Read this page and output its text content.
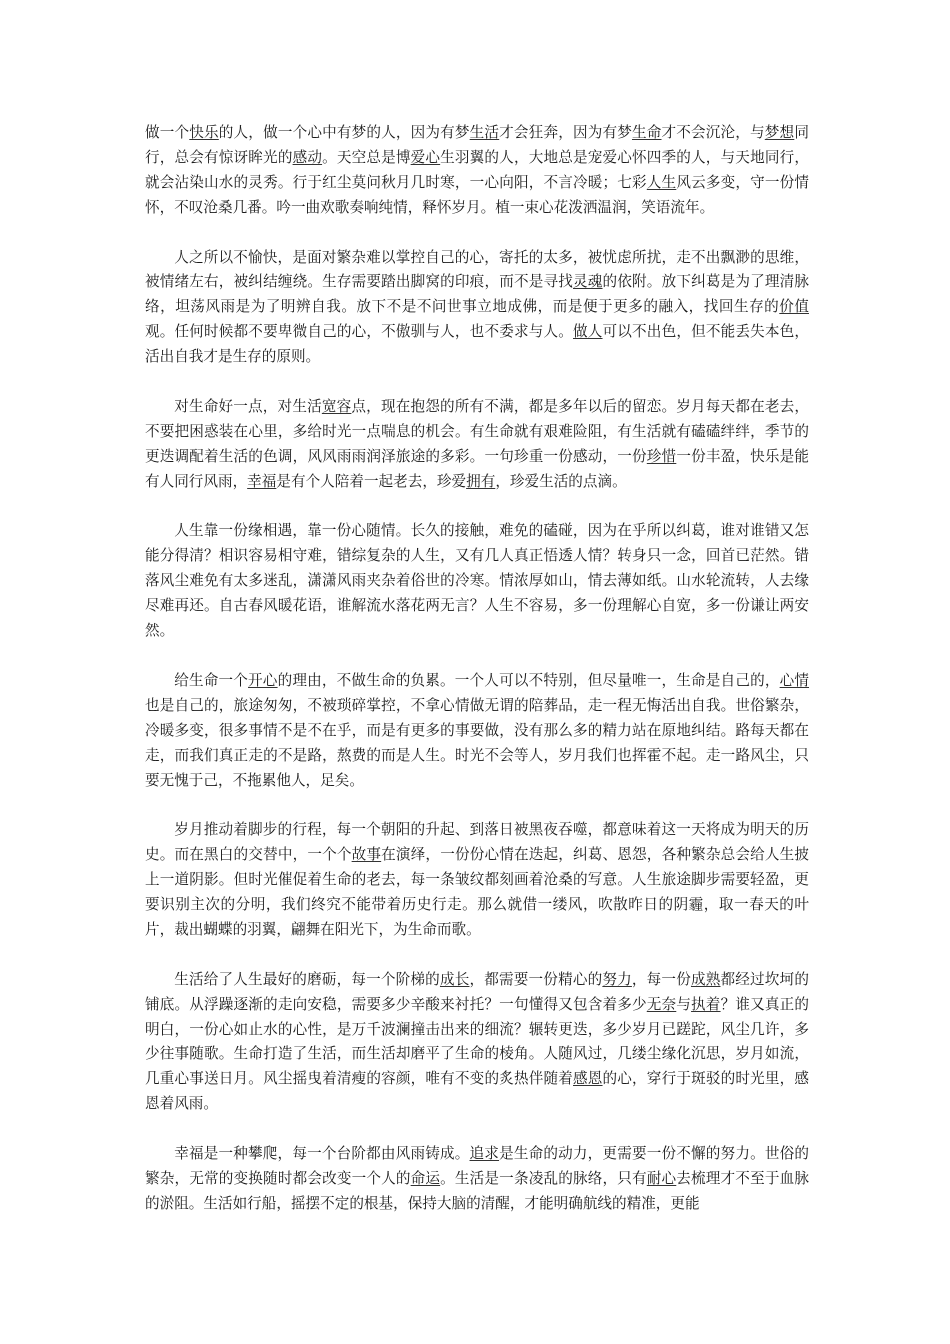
做一个快乐的人，做一个心中有梦的人，因为有梦生活才会狂奔，因为有梦生命才不会沉沦，与梦想同行，总会有惊讶眸光的感动。天空总是博爱心生羽翼的人，大地总是宠爱心怀四季的人，与天地同行，就会沾染山水的灵秀。行于红尘莫问秋月几时寒，一心向阳，不言冷暖；七彩人生风云多变，守一份情怀，不叹沧桑几番。吟一曲欢歌奏响纯情，释怀岁月。植一束心花泼洒温润，笑语流年。

人之所以不愉快，是面对繁杂难以掌控自己的心，寄托的太多，被忧虑所扰，走不出飘渺的思维，被情绪左右，被纠结缠绕。生存需要踏出脚窝的印痕，而不是寻找灵魂的依附。放下纠葛是为了理清脉络，坦荡风雨是为了明辨自我。放下不是不问世事立地成佛，而是便于更多的融入，找回生存的价值观。任何时候都不要卑微自己的心，不傲驯与人，也不委求与人。做人可以不出色，但不能丢失本色，活出自我才是生存的原则。

对生命好一点，对生活宽容点，现在抱怨的所有不满，都是多年以后的留恋。岁月每天都在老去，不要把困惑装在心里，多给时光一点喘息的机会。有生命就有艰难险阻，有生活就有磕磕绊绊，季节的更迭调配着生活的色调，风风雨雨润泽旅途的多彩。一句珍重一份感动，一份珍惜一份丰盈，快乐是能有人同行风雨，幸福是有个人陪着一起老去，珍爱拥有，珍爱生活的点滴。

人生靠一份缘相遇，靠一份心随情。长久的接触，难免的磕碰，因为在乎所以纠葛，谁对谁错又怎能分得清？相识容易相守难，错综复杂的人生，又有几人真正悟透人情？转身只一念，回首已茫然。错落风尘难免有太多迷乱，潇潇风雨夹杂着俗世的冷寒。情浓厚如山，情去薄如纸。山水轮流转，人去缘尽难再还。自古春风暖花语，谁解流水落花两无言？人生不容易，多一份理解心自宽，多一份谦让两安然。

给生命一个开心的理由，不做生命的负累。一个人可以不特别，但尽量唯一，生命是自己的，心情也是自己的，旅途匆匆，不被琐碎掌控，不拿心情做无谓的陪葬品，走一程无悔活出自我。世俗繁杂，冷暖多变，很多事情不是不在乎，而是有更多的事要做，没有那么多的精力站在原地纠结。路每天都在走，而我们真正走的不是路，熬费的而是人生。时光不会等人，岁月我们也挥霍不起。走一路风尘，只要无愧于己，不拖累他人，足矣。

岁月推动着脚步的行程，每一个朝阳的升起、到落日被黑夜吞噬，都意味着这一天将成为明天的历史。而在黑白的交替中，一个个故事在演绎，一份份心情在迭起，纠葛、恩怨，各种繁杂总会给人生披上一道阴影。但时光催促着生命的老去，每一条皱纹都刻画着沧桑的写意。人生旅途脚步需要轻盈，更要识别主次的分明，我们终究不能带着历史行走。那么就借一缕风，吹散昨日的阴霾，取一春天的叶片，裁出蝴蝶的羽翼，翩舞在阳光下，为生命而歌。

生活给了人生最好的磨砺，每一个阶梯的成长，都需要一份精心的努力，每一份成熟都经过坎坷的铺底。从浮躁逐渐的走向安稳，需要多少辛酸来衬托？一句懂得又包含着多少无奈与执着？谁又真正的明白，一份心如止水的心性，是万千波澜撞击出来的细流？辗转更迭，多少岁月已蹉跎，风尘几许，多少往事随歌。生命打造了生活，而生活却磨平了生命的棱角。人随风过，几缕尘缘化沉思，岁月如流，几重心事送日月。风尘摇曳着清瘦的容颜，唯有不变的炙热伴随着感恩的心，穿行于斑驳的时光里，感恩着风雨。

幸福是一种攀爬，每一个台阶都由风雨铸成。追求是生命的动力，更需要一份不懈的努力。世俗的繁杂，无常的变换随时都会改变一个人的命运。生活是一条凌乱的脉络，只有耐心去梳理才不至于血脉的淤阻。生活如行船，摇摆不定的根基，保持大脑的清醒，才能明确航线的精准，更能
